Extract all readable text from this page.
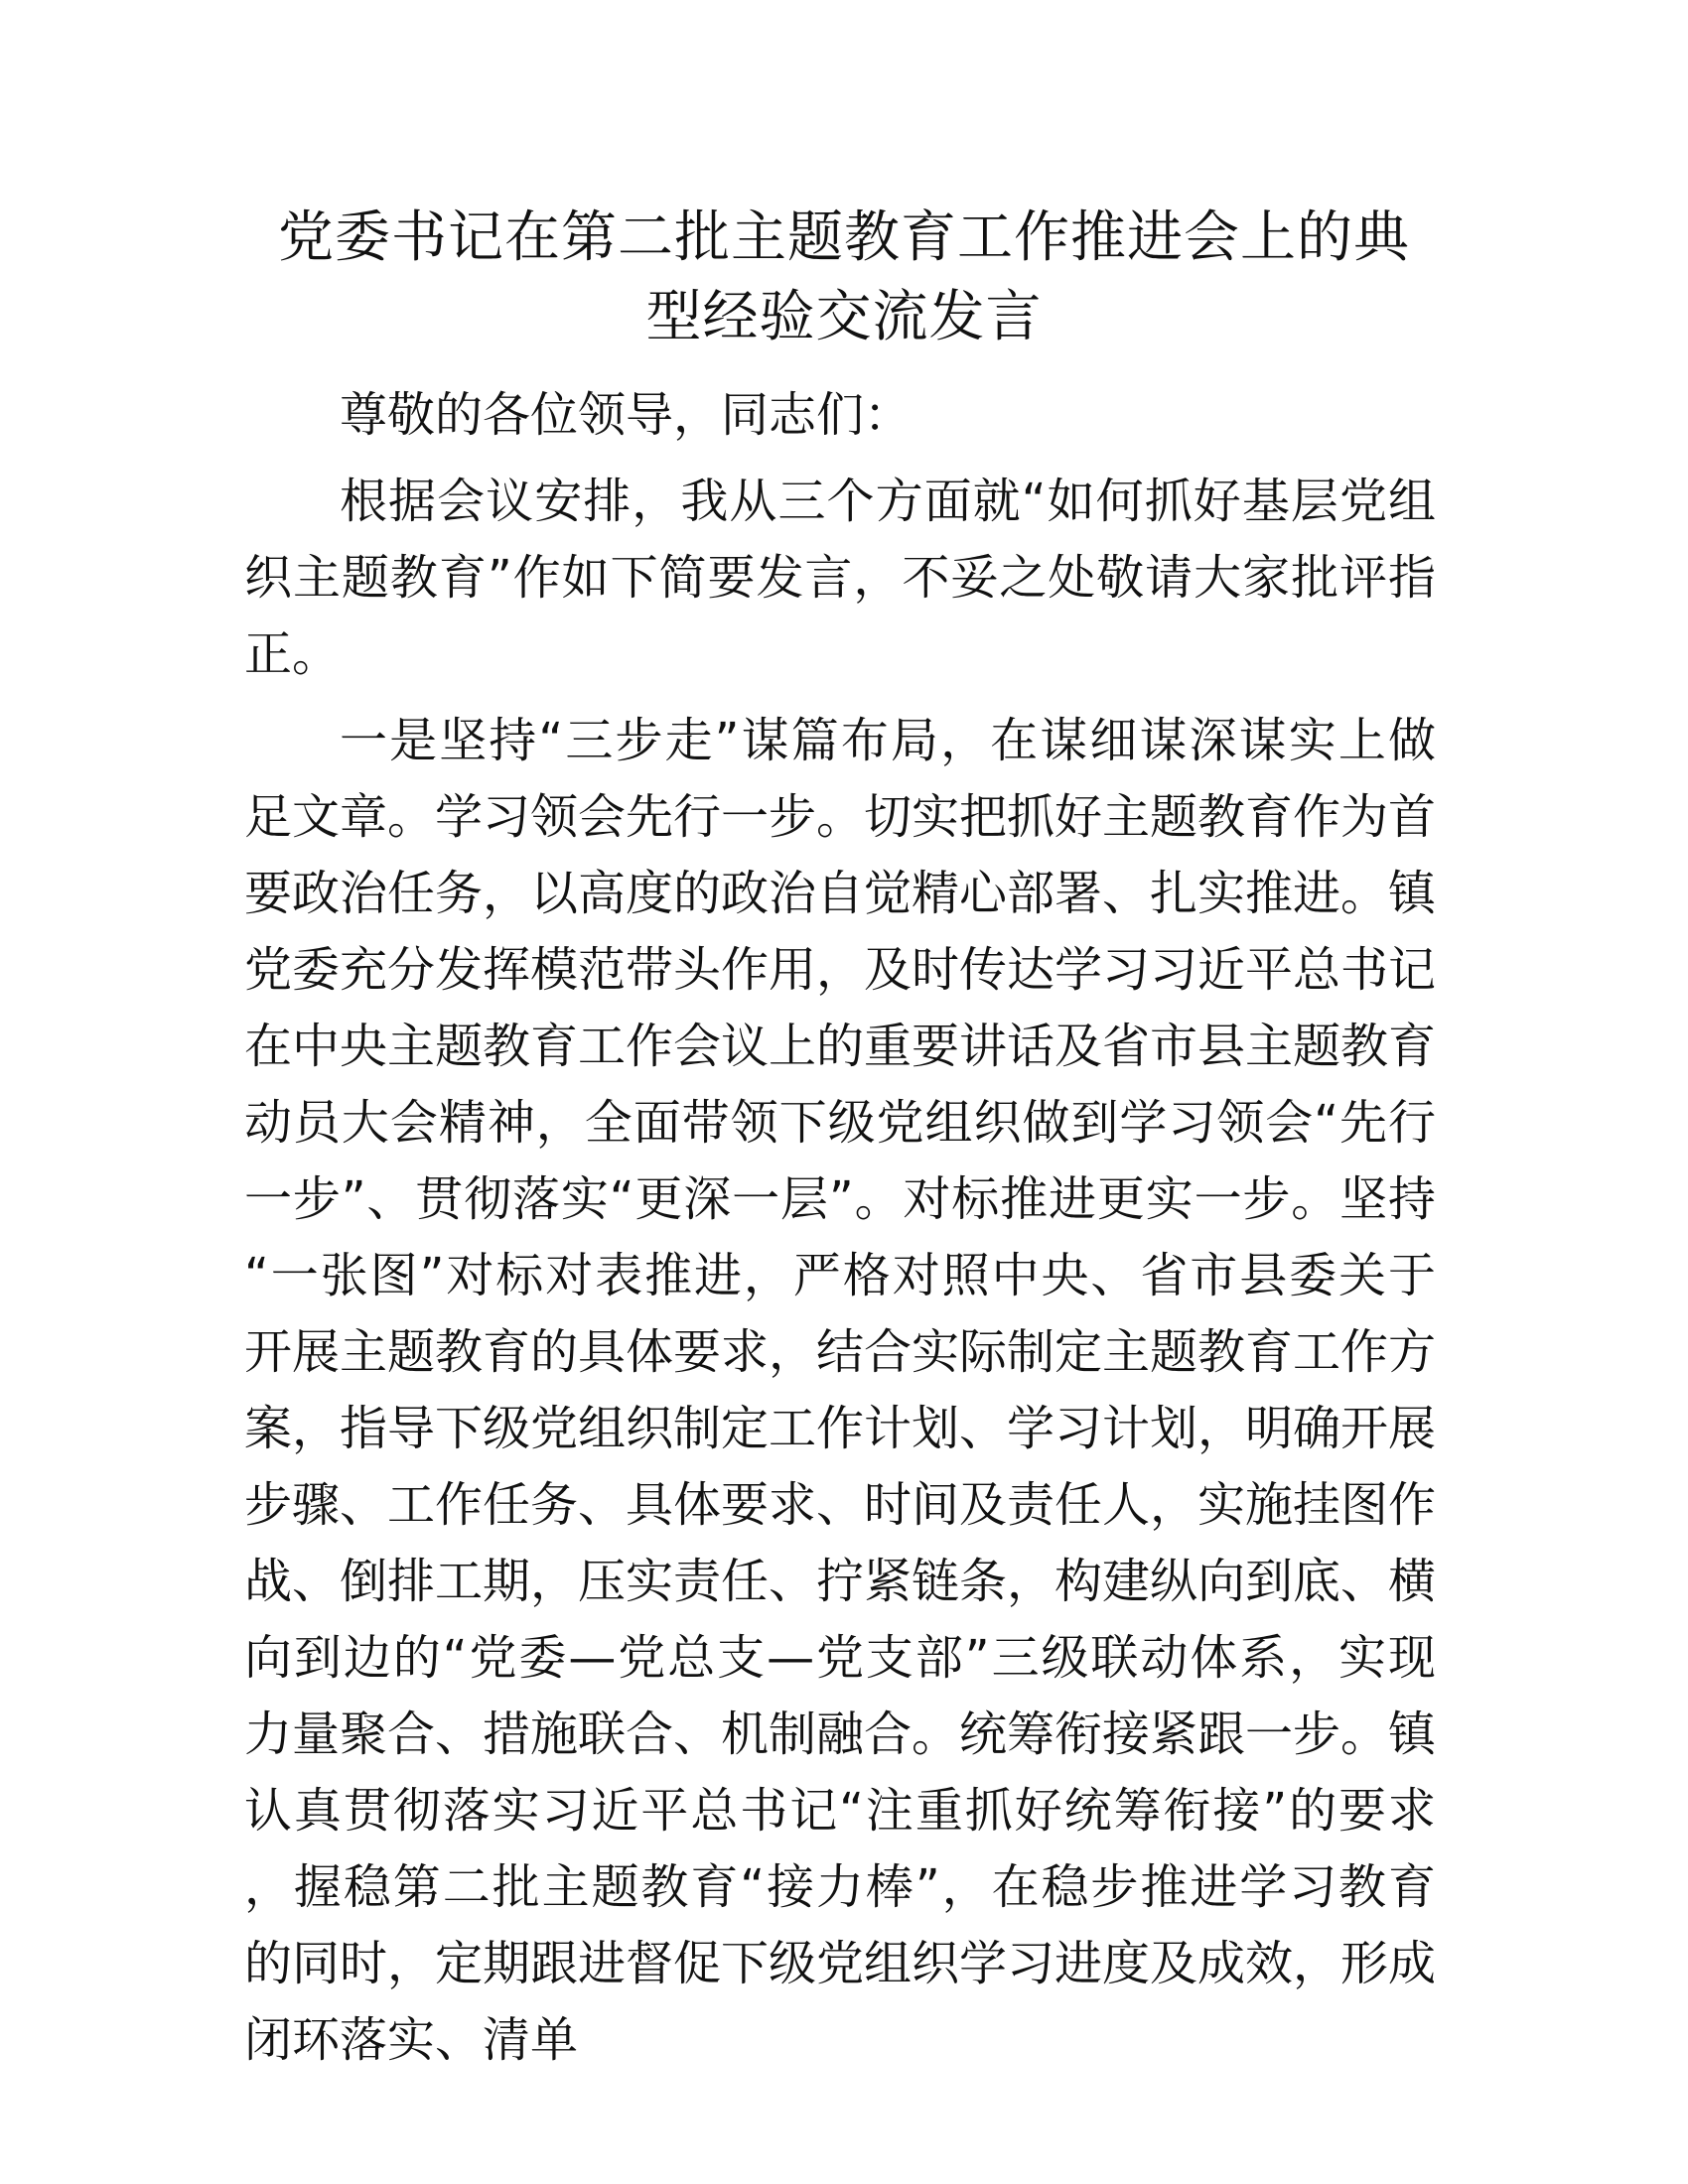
党委书记在第二批主题教育工作推进会上的典
型经验交流发言

尊敬的各位领导，同志们：

根据会议安排，我从三个方面就“如何抓好基层党组织主题教育”作如下简要发言，不妥之处敬请大家批评指正。

一是坚持“三步走”谋篇布局，在谋细谋深谋实上做足文章。学习领会先行一步。切实把抓好主题教育作为首要政治任务，以高度的政治自觉精心部署、扎实推进。镇党委充分发挥模范带头作用，及时传达学习习近平总书记在中央主题教育工作会议上的重要讲话及省市县主题教育动员大会精神，全面带领下级党组织做到学习领会“先行一步”、贯彻落实“更深一层”。对标推进更实一步。坚持“一张图”对标对表推进，严格对照中央、省市县委关于开展主题教育的具体要求，结合实际制定主题教育工作方案，指导下级党组织制定工作计划、学习计划，明确开展步骤、工作任务、具体要求、时间及责任人，实施挂图作战、倒排工期，压实责任、拧紧链条，构建纵向到底、横向到边的“党委—党总支—党支部”三级联动体系，实现力量聚合、措施联合、机制融合。统筹衔接紧跟一步。镇认真贯彻落实习近平总书记“注重抓好统筹衔接”的要求，握稳第二批主题教育“接力棒”，在稳步推进学习教育的同时，定期跟进督促下级党组织学习进度及成效，形成闭环落实、清单
